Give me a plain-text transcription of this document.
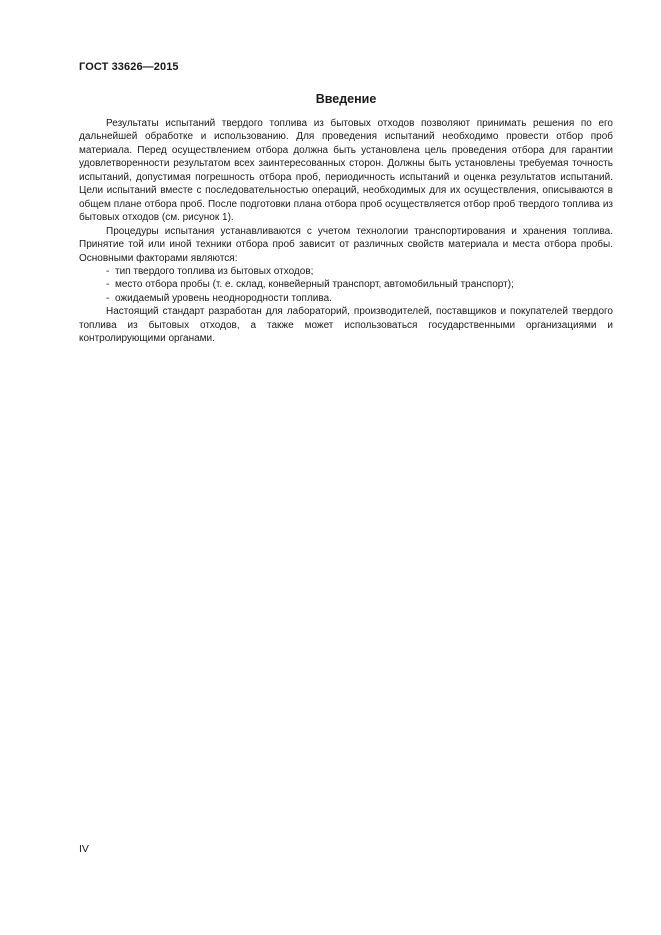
ГОСТ 33626—2015
Введение

Результаты испытаний твердого топлива из бытовых отходов позволяют принимать решения по его дальнейшей обработке и использованию. Для проведения испытаний необходимо провести отбор проб материала. Перед осуществлением отбора должна быть установлена цель проведения отбора для гарантии удовлетворенности результатом всех заинтересованных сторон. Должны быть установлены требуемая точность испытаний, допустимая погрешность отбора проб, периодичность испытаний и оценка результатов испытаний. Цели испытаний вместе с последовательностью операций, необходимых для их осуществления, описываются в общем плане отбора проб. После подготовки плана отбора проб осуществляется отбор проб твердого топлива из бытовых отходов (см. рисунок 1).

Процедуры испытания устанавливаются с учетом технологии транспортирования и хранения топлива. Принятие той или иной техники отбора проб зависит от различных свойств материала и места отбора пробы. Основными факторами являются:

- тип твердого топлива из бытовых отходов;
- место отбора пробы (т. е. склад, конвейерный транспорт, автомобильный транспорт);
- ожидаемый уровень неоднородности топлива.

Настоящий стандарт разработан для лабораторий, производителей, поставщиков и покупателей твердого топлива из бытовых отходов, а также может использоваться государственными организациями и контролирующими органами.

IV
